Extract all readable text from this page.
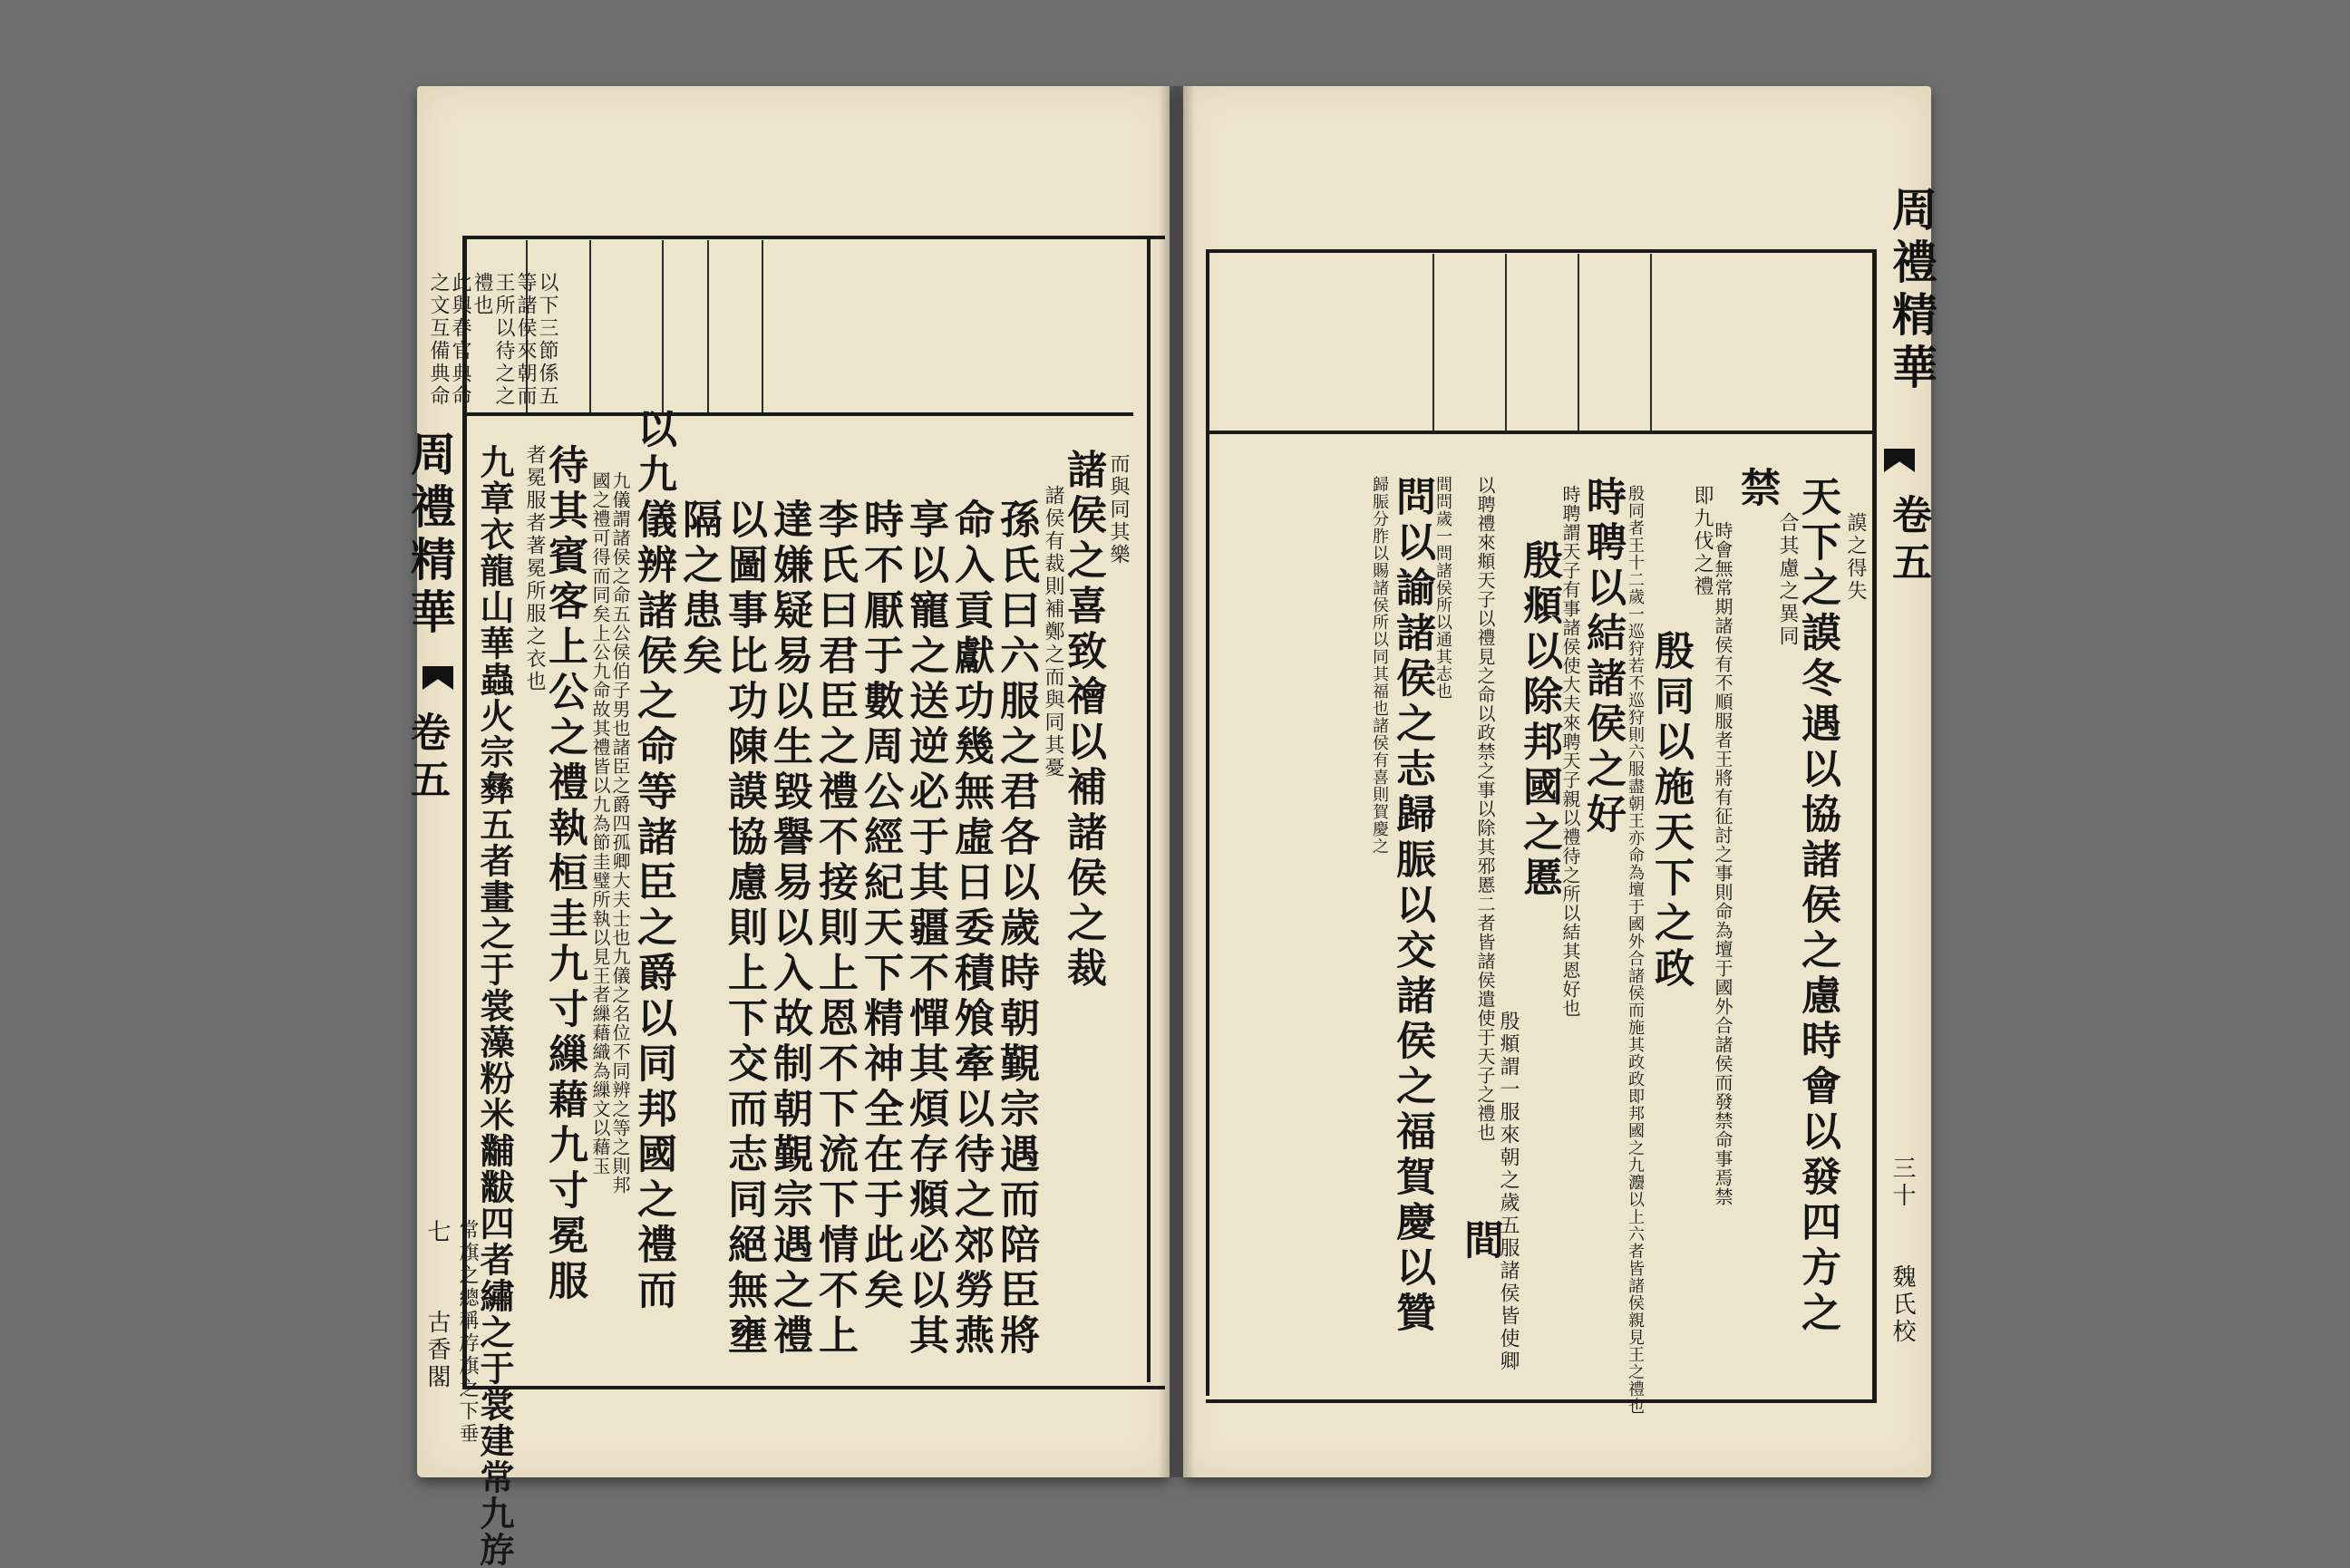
之文互備典命 此與春官典命 禮也 王所以待之之 等諸侯來朝而 以下三節係五
而與同其樂
諸侯之喜致禬以補諸侯之裁
諸侯有裁則補鄭之而與同其憂
孫氏曰六服之君各以歲時朝覲宗遇而陪臣將
命入貢獻功幾無虛日委積飧牽以待之郊勞燕
享以寵之送逆必于其疆不憚其煩存頫必以其
時不厭于數周公經紀天下精神全在于此矣
李氏曰君臣之禮不接則上恩不下流下情不上
達嫌疑易以生毀譽易以入故制朝覲宗遇之禮
以圖事比功陳謨協慮則上下交而志同絕無壅
隔之患矣
以九儀辨諸侯之命等諸臣之爵以同邦國之禮而
九儀謂諸侯之命五公侯伯子男也諸臣之爵四孤卿大夫士也九儀之名位不同辨之等之則邦
國之禮可得而同矣上公九命故其禮皆以九為節圭璧所執以見王者繅藉織為繅文以藉玉
待其賓客上公之禮執桓圭九寸繅藉九寸冕服
者冕服者著冕所服之衣也
九章衣龍山華蟲火宗彝五者畫之于裳藻粉米黼黻四者繡之于裳建常九斿
常旗之總稱斿旗之下垂
周禮精華
卷五
七
古香閣
謨之得失
天下之謨冬遇以協諸侯之慮時會以發四方之
合其慮之異同
禁
時會無常期諸侯有不順服者王將有征討之事則命為壇于國外合諸侯而發禁命事焉禁
即九伐之禮
殷同以施天下之政
殷同者王十二歲一巡狩若不巡狩則六服盡朝王亦命為壇于國外合諸侯而施其政政即邦國之九灋以上六者皆諸侯親見王之禮也
時聘以結諸侯之好
時聘謂天子有事諸侯使大夫來聘天子親以禮待之所以結其恩好也
殷頫以除邦國之慝
殷頫謂一服來朝之歲五服諸侯皆使卿
以聘禮來頫天子以禮見之命以政禁之事以除其邪慝二者皆諸侯遣使于天子之禮也
間
間問歲一問諸侯所以通其志也
問以諭諸侯之志歸脤以交諸侯之福賀慶以贊
歸脤分胙以賜諸侯所以同其福也諸侯有喜則賀慶之
周禮精華
卷五
三十
魏氏校
